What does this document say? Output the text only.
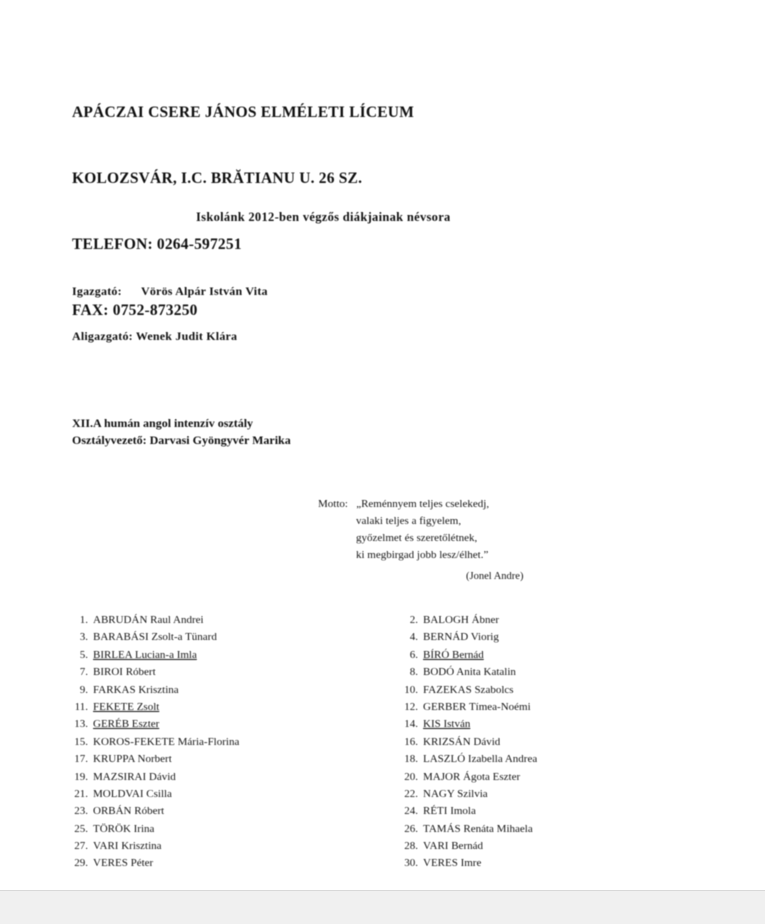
APÁCZAI CSERE JÁNOS ELMÉLETI LÍCEUM

KOLOZSVÁR, I.C. BRĂTIANU U. 26 SZ.

TELEFON: 0264-597251

FAX: 0752-873250

Iskolánk 2012-ben végzős diákjainak névsora
Igazgató: Vörös Alpár István Vita
Aligazgató: Wenek Judit Klára
XII.A humán angol intenzív osztály
Osztályvezető: Darvasi Gyöngyvér Marika
Motto:   „Reménnyem teljes cselekedj,
valaki teljes a figyelem,
győzelmet és szeretőlétnek,
ki megbirgad jobb lesz/élhet.”
(Jonel Andre)
1. ABRUDÁN Raul Andrei
3. BARABÁSI Zsolt-a Tünard
5. BIRLEA Lucian-a Imla
7. BIROI Róbert
9. FARKAS Krisztina
11. FEKETE Zsolt
13. GERÉB Eszter
15. KOROS-FEKETE Mária-Florina
17. KRUPPA Norbert
19. MAZSIRAI Dávid
21. MOLDVAI Csilla
23. ORBÁN Róbert
25. TÖRÖK Irina
27. VARI Krisztina
29. VERES Péter
2. BALOGH Ábner
4. BERNÁD Viorig
6. BÍRÓ Bernád
8. BODÓ Anita Katalin
10. FAZEKAS Szabolcs
12. GERBER Tímea-Noémi
14. KIS István
16. KRIZSÁN Dávid
18. LASZLÓ Izabella Andrea
20. MAJOR Ágota Eszter
22. NAGY Szilvia
24. RÉTI Imola
26. TAMÁS Renáta Mihaela
28. VARI Bernád
30. VERES Imre
